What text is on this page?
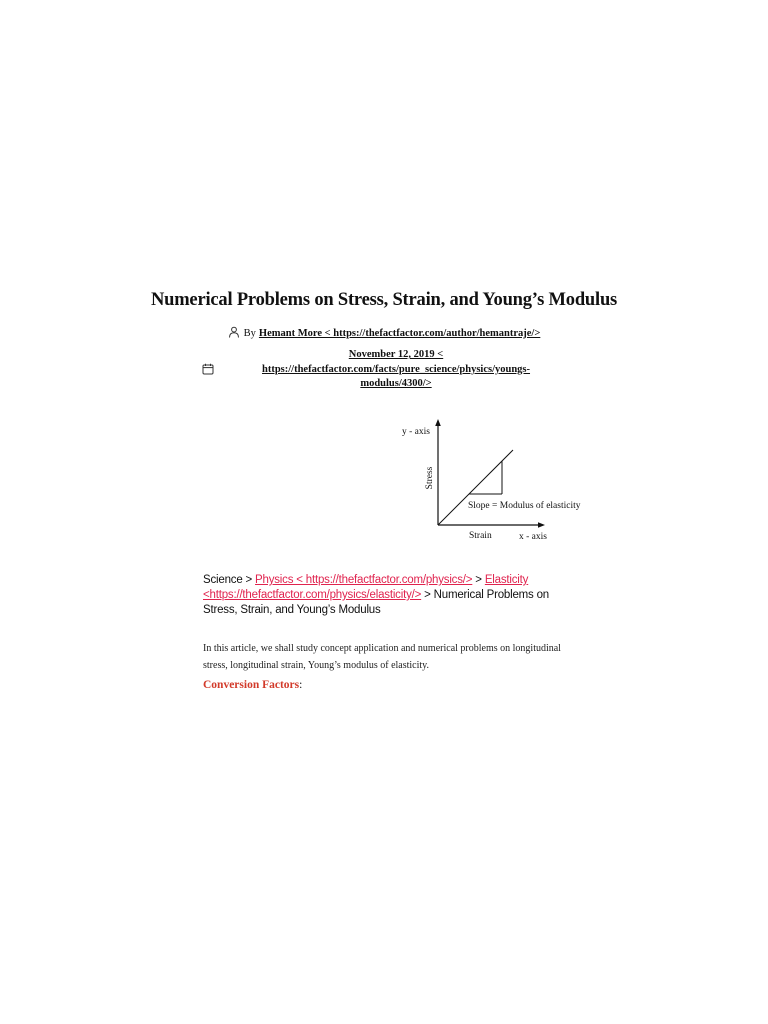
Numerical Problems on Stress, Strain, and Young’s Modulus
By Hemant More < https://thefactfactor.com/author/hemantraje/>
November 12, 2019 < https://thefactfactor.com/facts/pure_science/physics/youngs-modulus/4300/>
y - axis
Stress
Slope = Modulus of elasticity
Strain	x - axis
Science > Physics < https://thefactfactor.com/physics/> > Elasticity <https://thefactfactor.com/physics/elasticity/> > Numerical Problems on Stress, Strain, and Young’s Modulus

In this article, we shall study concept application and numerical problems on longitudinal stress, longitudinal strain, Young’s modulus of elasticity.

Conversion Factors:
